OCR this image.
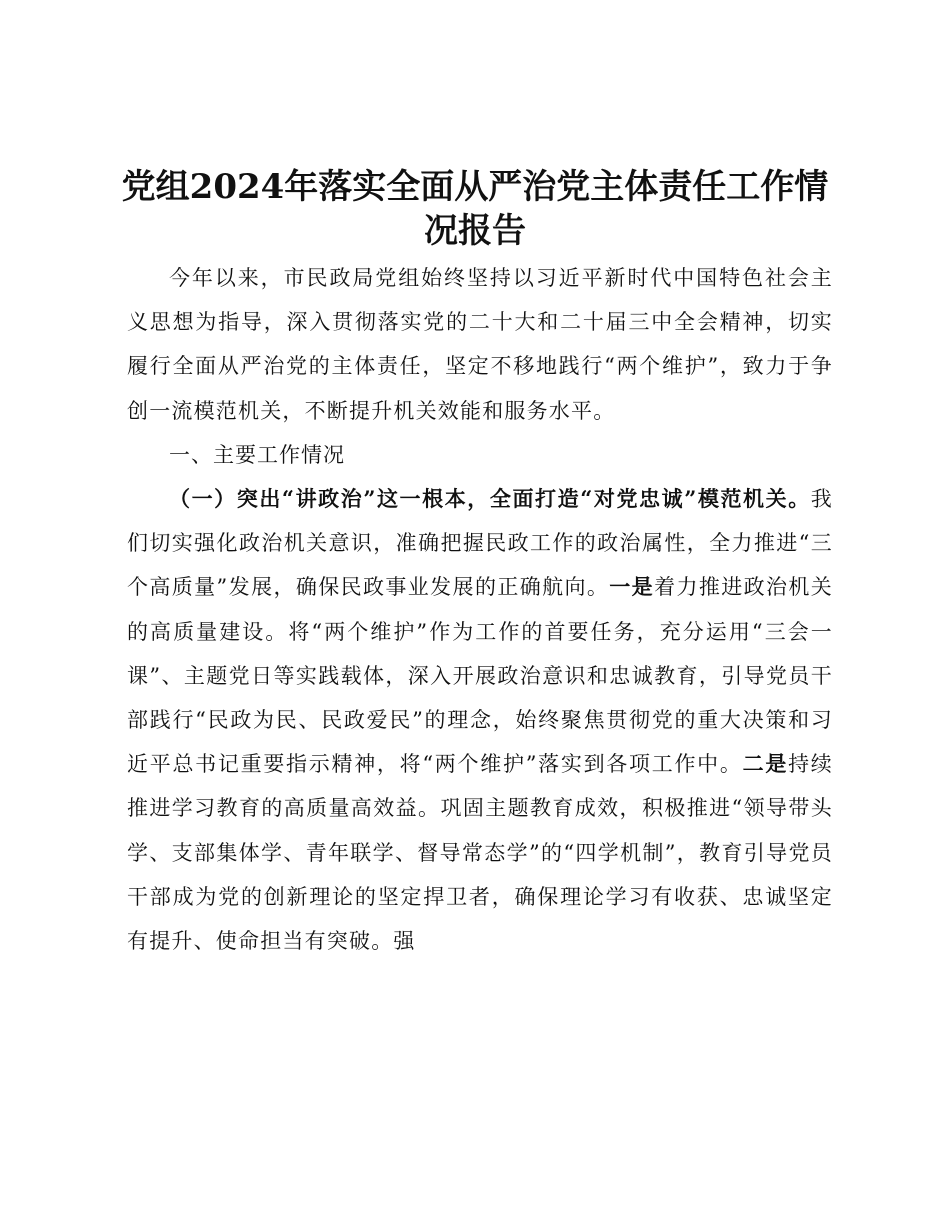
党组2024年落实全面从严治党主体责任工作情况报告

今年以来，市民政局党组始终坚持以习近平新时代中国特色社会主义思想为指导，深入贯彻落实党的二十大和二十届三中全会精神，切实履行全面从严治党的主体责任，坚定不移地践行“两个维护”，致力于争创一流模范机关，不断提升机关效能和服务水平。

一、主要工作情况

（一）突出“讲政治”这一根本，全面打造“对党忠诚”模范机关。我们切实强化政治机关意识，准确把握民政工作的政治属性，全力推进“三个高质量”发展，确保民政事业发展的正确航向。一是着力推进政治机关的高质量建设。将“两个维护”作为工作的首要任务，充分运用“三会一课”、主题党日等实践载体，深入开展政治意识和忠诚教育，引导党员干部践行“民政为民、民政爱民”的理念，始终聚焦贯彻党的重大决策和习近平总书记重要指示精神，将“两个维护”落实到各项工作中。二是持续推进学习教育的高质量高效益。巩固主题教育成效，积极推进“领导带头学、支部集体学、青年联学、督导常态学”的“四学机制”，教育引导党员干部成为党的创新理论的坚定捍卫者，确保理论学习有收获、忠诚坚定有提升、使命担当有突破。强
